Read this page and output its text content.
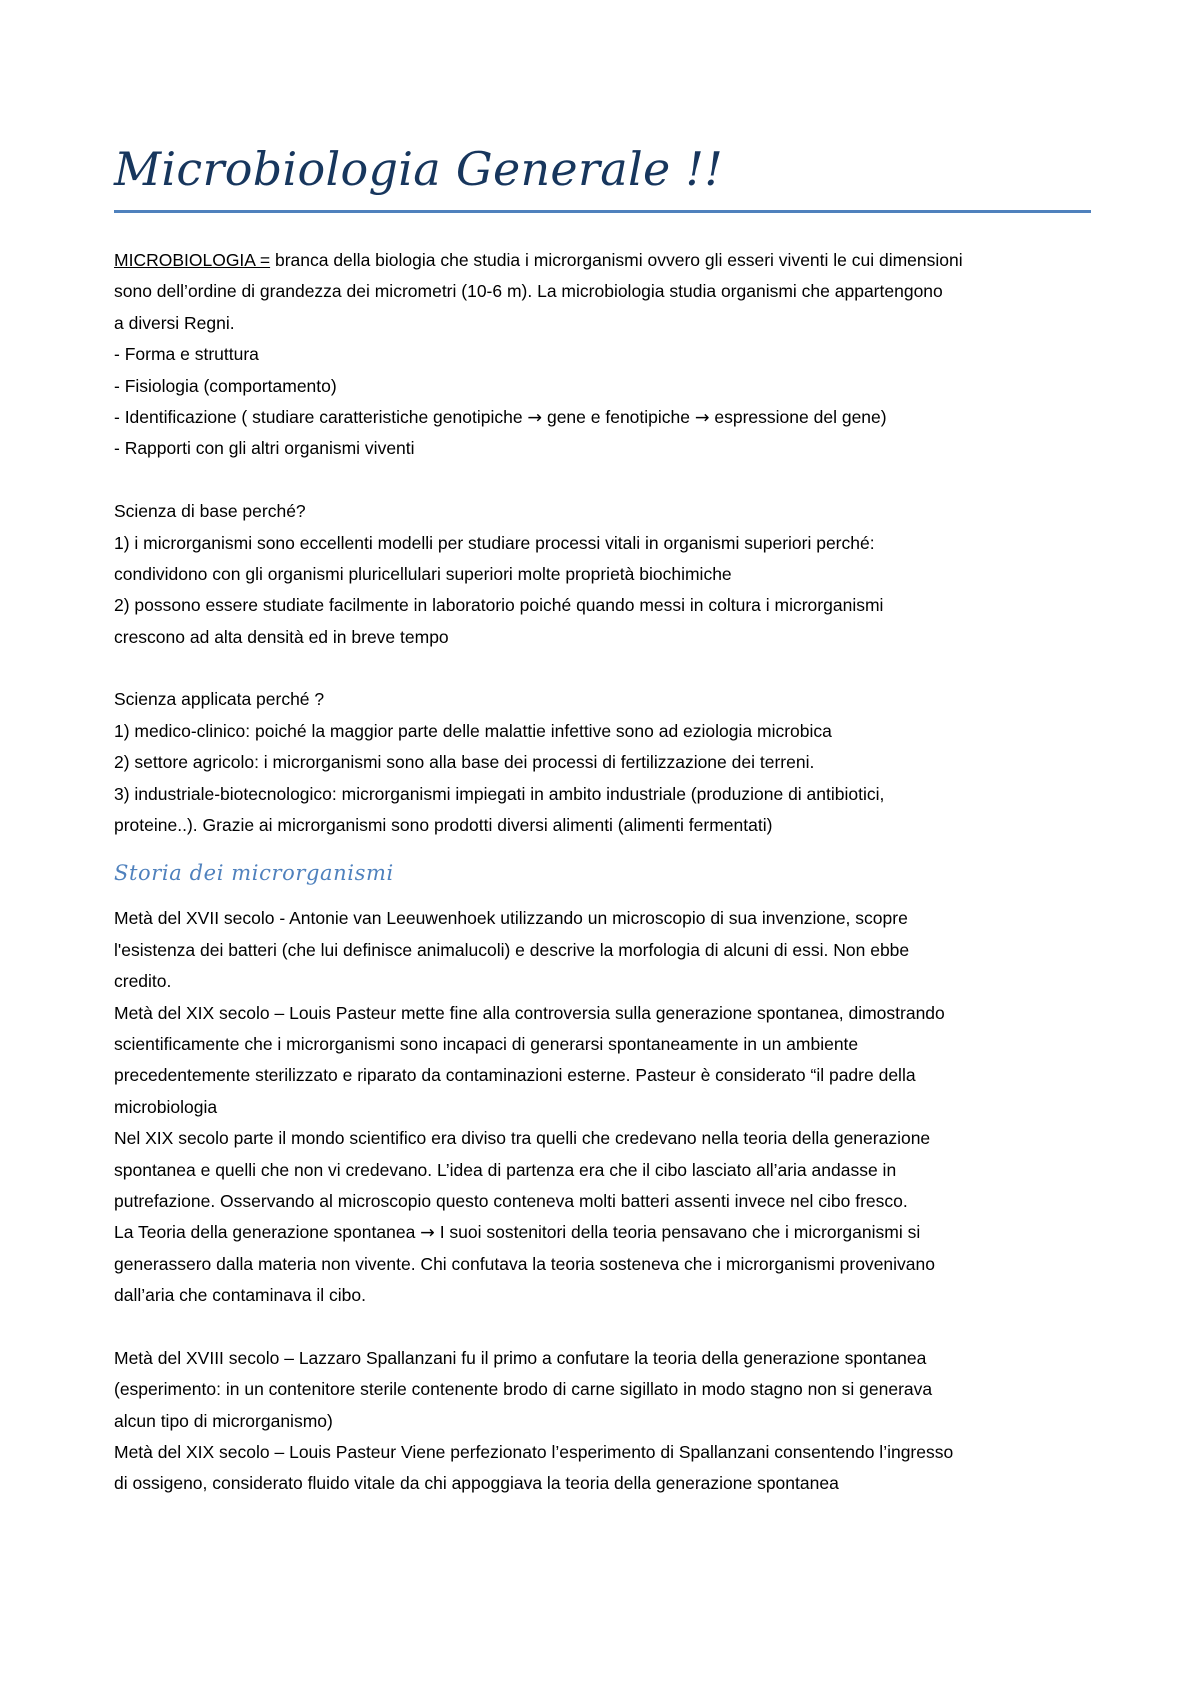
Microbiologia Generale !!
MICROBIOLOGIA = branca della biologia che studia i microrganismi ovvero gli esseri viventi le cui dimensioni
sono dell’ordine di grandezza dei micrometri (10-6 m). La microbiologia studia organismi che appartengono
a diversi Regni.
- Forma e struttura
- Fisiologia (comportamento)
- Identificazione ( studiare caratteristiche genotipiche → gene e fenotipiche → espressione del gene)
- Rapporti con gli altri organismi viventi
Scienza di base perché?
1) i microrganismi sono eccellenti modelli per studiare processi vitali in organismi superiori perché:
condividono con gli organismi pluricellulari superiori molte proprietà biochimiche
2) possono essere studiate facilmente in laboratorio poiché quando messi in coltura i microrganismi
crescono ad alta densità ed in breve tempo
Scienza applicata perché ?
1) medico-clinico: poiché la maggior parte delle malattie infettive sono ad eziologia microbica
2) settore agricolo: i microrganismi sono alla base dei processi di fertilizzazione dei terreni.
3) industriale-biotecnologico: microrganismi impiegati in ambito industriale (produzione di antibiotici,
proteine..). Grazie ai microrganismi sono prodotti diversi alimenti (alimenti fermentati)
Storia dei microrganismi
Metà del XVII secolo - Antonie van Leeuwenhoek utilizzando un microscopio di sua invenzione, scopre
l'esistenza dei batteri (che lui definisce animalucoli) e descrive la morfologia di alcuni di essi. Non ebbe
credito.
Metà del XIX secolo – Louis Pasteur mette fine alla controversia sulla generazione spontanea, dimostrando
scientificamente che i microrganismi sono incapaci di generarsi spontaneamente in un ambiente
precedentemente sterilizzato e riparato da contaminazioni esterne. Pasteur è considerato “il padre della
microbiologia
Nel XIX secolo parte il mondo scientifico era diviso tra quelli che credevano nella teoria della generazione
spontanea e quelli che non vi credevano. L’idea di partenza era che il cibo lasciato all’aria andasse in
putrefazione. Osservando al microscopio questo conteneva molti batteri assenti invece nel cibo fresco.
La Teoria della generazione spontanea → I suoi sostenitori della teoria pensavano che i microrganismi si
generassero dalla materia non vivente. Chi confutava la teoria sosteneva che i microrganismi provenivano
dall’aria che contaminava il cibo.
Metà del XVIII secolo – Lazzaro Spallanzani fu il primo a confutare la teoria della generazione spontanea
(esperimento: in un contenitore sterile contenente brodo di carne sigillato in modo stagno non si generava
alcun tipo di microrganismo)
Metà del XIX secolo – Louis Pasteur Viene perfezionato l’esperimento di Spallanzani consentendo l’ingresso
di ossigeno, considerato fluido vitale da chi appoggiava la teoria della generazione spontanea
